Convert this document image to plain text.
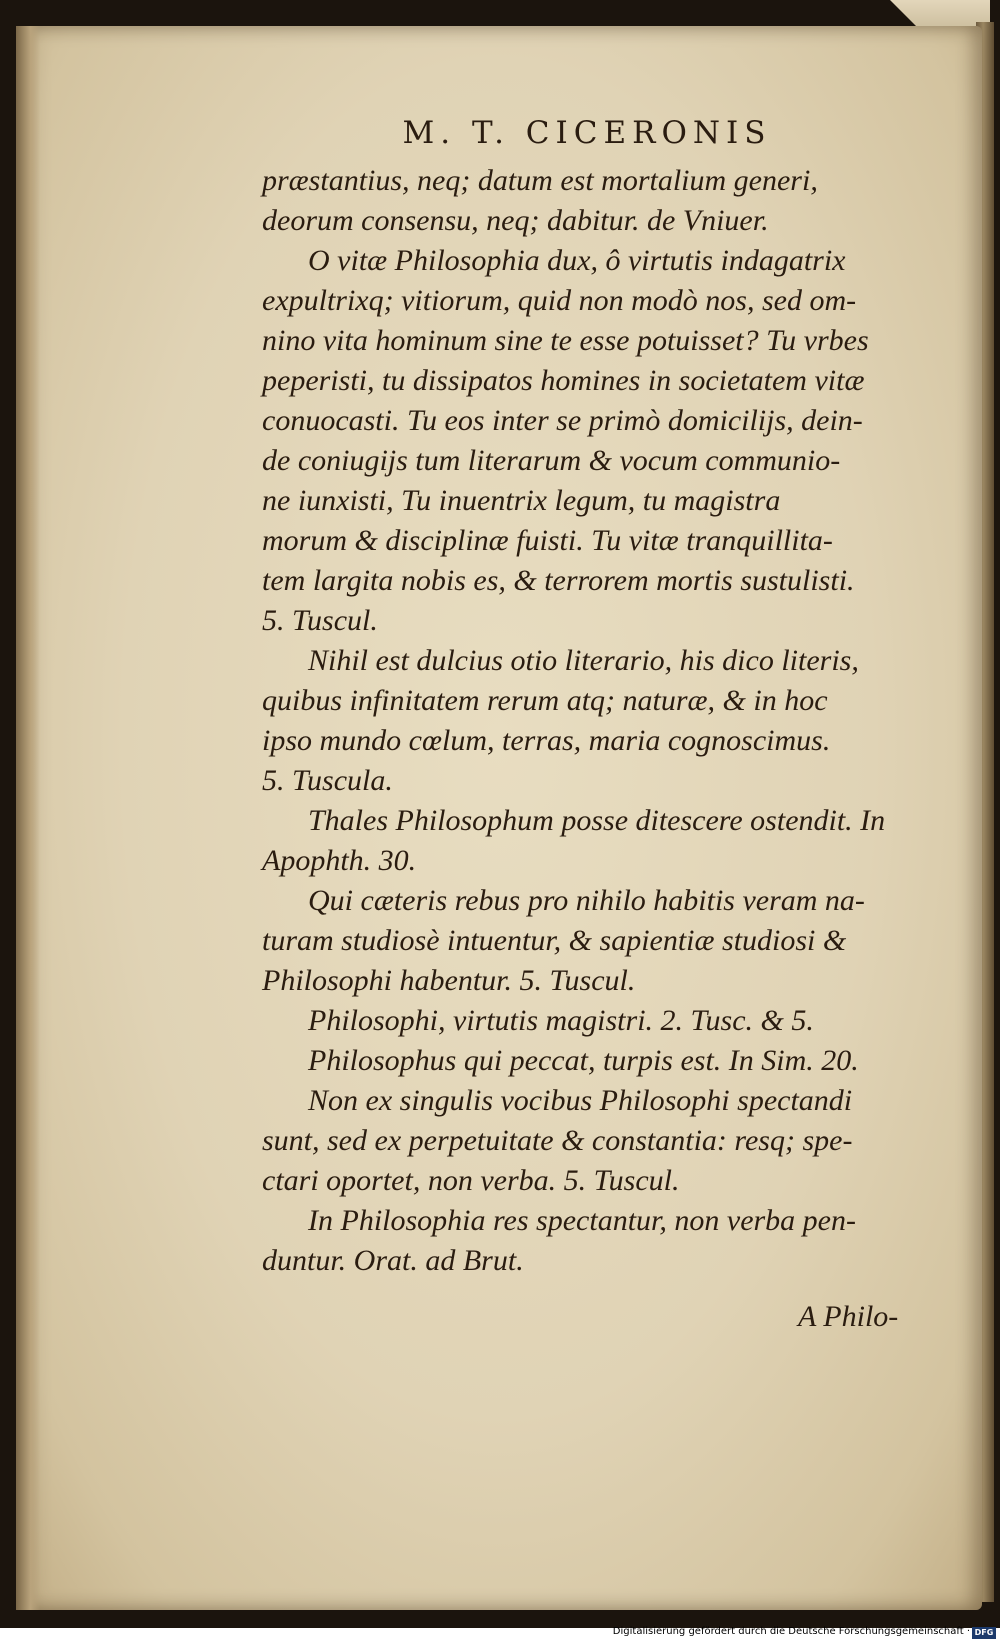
M. T. CICERONIS
præstantius, neq; datum est mortalium generi,
deorum consensu, neq; dabitur. de Vniuer.
O vitæ Philosophia dux, ô virtutis indagatrix
expultrixq; vitiorum, quid non modò nos, sed om-
nino vita hominum sine te esse potuisset? Tu vrbes
peperisti, tu dissipatos homines in societatem vitæ
conuocasti. Tu eos inter se primò domicilijs, dein-
de coniugijs tum literarum & vocum communio-
ne iunxisti, Tu inuentrix legum, tu magistra
morum & disciplinæ fuisti. Tu vitæ tranquillita-
tem largita nobis es, & terrorem mortis sustulisti.
5. Tuscul.
Nihil est dulcius otio literario, his dico literis,
quibus infinitatem rerum atq; naturæ, & in hoc
ipso mundo cœlum, terras, maria cognoscimus.
5. Tuscula.
Thales Philosophum posse ditescere ostendit. In
Apophth. 30.
Qui cæteris rebus pro nihilo habitis veram na-
turam studiosè intuentur, & sapientiæ studiosi &
Philosophi habentur. 5. Tuscul.
Philosophi, virtutis magistri. 2. Tusc. & 5.
Philosophus qui peccat, turpis est. In Sim. 20.
Non ex singulis vocibus Philosophi spectandi
sunt, sed ex perpetuitate & constantia: resq; spe-
ctari oportet, non verba. 5. Tuscul.
In Philosophia res spectantur, non verba pen-
duntur. Orat. ad Brut.
A Philo-
Digitalisierung gefördert durch die Deutsche Forschungsgemeinschaft · DFG
